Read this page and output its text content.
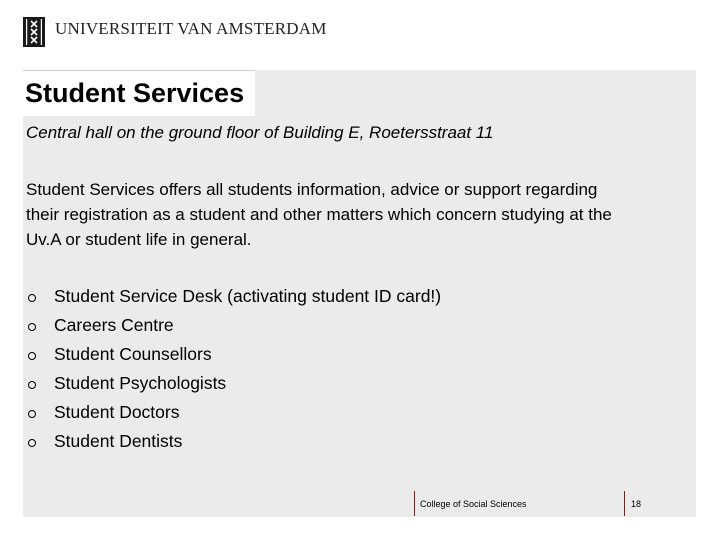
UNIVERSITEIT VAN AMSTERDAM
Student Services

Central hall on the ground floor of Building E, Roetersstraat 11

Student Services offers all students information, advice or support regarding their registration as a student and other matters which concern studying at the Uv.A or student life in general.

Student Service Desk (activating student ID card!)
Careers Centre
Student Counsellors
Student Psychologists
Student Doctors
Student Dentists
College of Social Sciences	18
